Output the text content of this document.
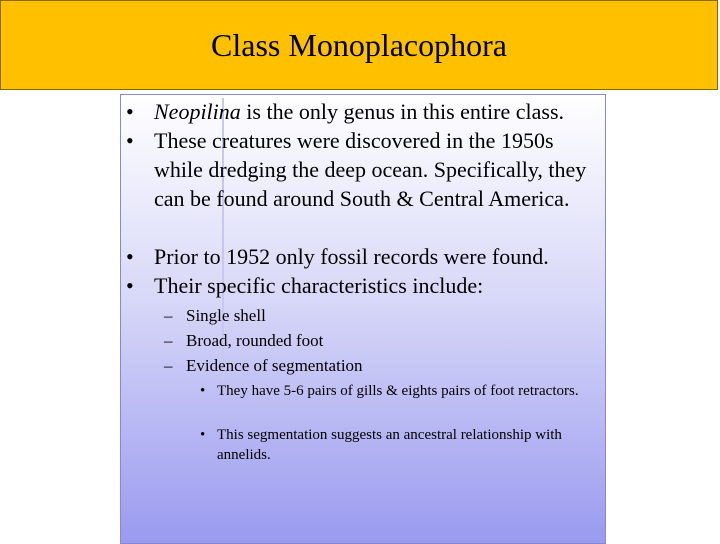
Class Monoplacophora
• Neopilina is the only genus in this entire class.
• These creatures were discovered in the 1950s while dredging the deep ocean. Specifically, they can be found around South & Central America.
• Prior to 1952 only fossil records were found.
• Their specific characteristics include:
– Single shell
– Broad, rounded foot
– Evidence of segmentation
• They have 5-6 pairs of gills & eights pairs of foot retractors.
• This segmentation suggests an ancestral relationship with annelids.
